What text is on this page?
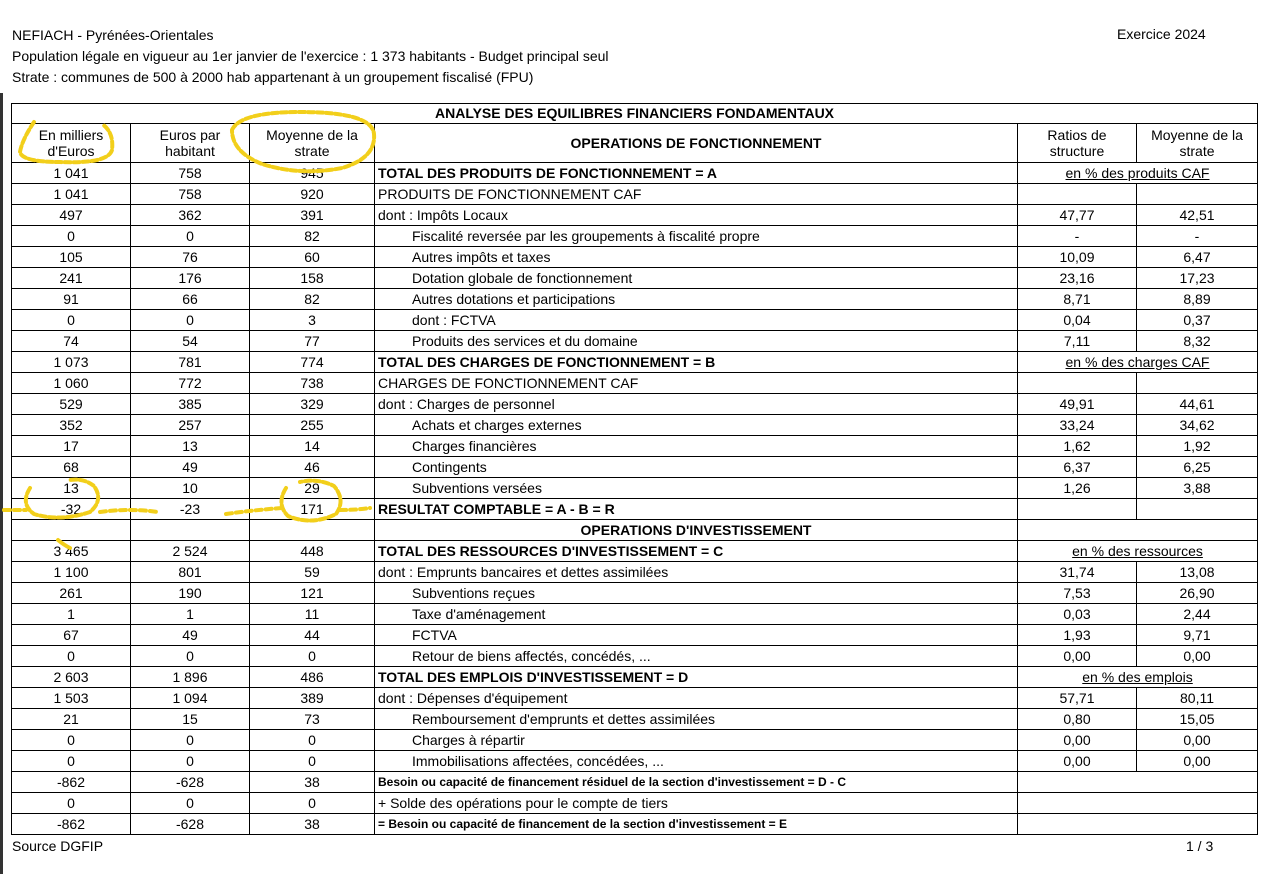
NEFIACH - Pyrénées-Orientales
Population légale en vigueur au 1er janvier de l'exercice : 1 373 habitants - Budget principal seul
Strate : communes de 500 à 2000 hab appartenant à un groupement fiscalisé (FPU)
Exercice 2024
ANALYSE DES EQUILIBRES FINANCIERS FONDAMENTAUX					
En milliers d'Euros	Euros par habitant	Moyenne de la strate	OPERATIONS DE FONCTIONNEMENT	Ratios de structure	Moyenne de la strate
1 041	758	945	TOTAL DES PRODUITS DE FONCTIONNEMENT = A	en % des produits CAF	
1 041	758	920	PRODUITS DE FONCTIONNEMENT CAF		
497	362	391	dont : Impôts Locaux	47,77	42,51
0	0	82	Fiscalité reversée par les groupements à fiscalité propre	-	-
105	76	60	Autres impôts et taxes	10,09	6,47
241	176	158	Dotation globale de fonctionnement	23,16	17,23
91	66	82	Autres dotations et participations	8,71	8,89
0	0	3	dont : FCTVA	0,04	0,37
74	54	77	Produits des services et du domaine	7,11	8,32
1 073	781	774	TOTAL DES CHARGES DE FONCTIONNEMENT = B	en % des charges CAF	
1 060	772	738	CHARGES DE FONCTIONNEMENT CAF		
529	385	329	dont : Charges de personnel	49,91	44,61
352	257	255	Achats et charges externes	33,24	34,62
17	13	14	Charges financières	1,62	1,92
68	49	46	Contingents	6,37	6,25
13	10	29	Subventions versées	1,26	3,88
-32	-23	171	RESULTAT COMPTABLE = A - B = R		
			OPERATIONS D'INVESTISSEMENT		
3 465	2 524	448	TOTAL DES RESSOURCES D'INVESTISSEMENT = C	en % des ressources	
1 100	801	59	dont : Emprunts bancaires et dettes assimilées	31,74	13,08
261	190	121	Subventions reçues	7,53	26,90
1	1	11	Taxe d'aménagement	0,03	2,44
67	49	44	FCTVA	1,93	9,71
0	0	0	Retour de biens affectés, concédés, ...	0,00	0,00
2 603	1 896	486	TOTAL DES EMPLOIS D'INVESTISSEMENT = D	en % des emplois	
1 503	1 094	389	dont : Dépenses d'équipement	57,71	80,11
21	15	73	Remboursement d'emprunts et dettes assimilées	0,80	15,05
0	0	0	Charges à répartir	0,00	0,00
0	0	0	Immobilisations affectées, concédées, ...	0,00	0,00
-862	-628	38	Besoin ou capacité de financement résiduel de la section d'investissement = D - C		
0	0	0	+ Solde des opérations pour le compte de tiers		
-862	-628	38	= Besoin ou capacité de financement de la section d'investissement = E		
Source DGFIP	1 / 3
